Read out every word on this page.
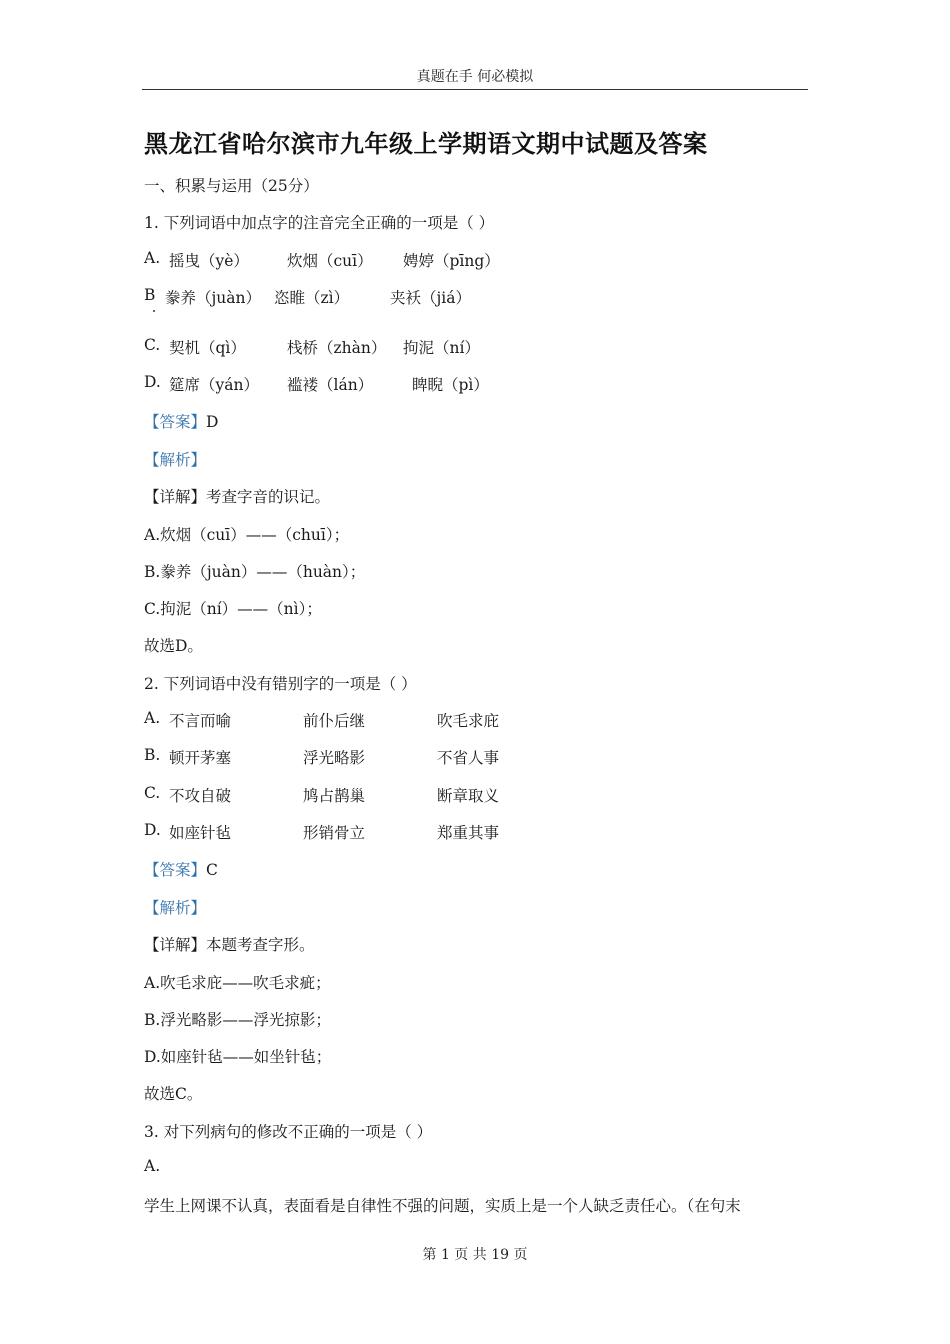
真题在手 何必模拟
黑龙江省哈尔滨市九年级上学期语文期中试题及答案
一、积累与运用（25分）
1. 下列词语中加点字的注音完全正确的一项是（ ）
A. 摇曳（yè） 炊烟（cuī） 娉婷（pīng）
B 豢养（juàn） 恣睢（zì）	夹袄（jiá）
C. 契机（qì）	栈桥（zhàn） 拘泥（ní）
D. 筵席（yán） 褴褛（lán）	睥睨（pì）
【答案】D
【解析】
【详解】考查字音的识记。
A.炊烟（cuī）——（chuī）；
B.豢养（juàn）——（huàn）；
C.拘泥（ní）——（nì）；
故选D。
2. 下列词语中没有错别字的一项是（ ）
A. 不言而喻	前仆后继	吹毛求庇
B. 顿开茅塞	浮光略影	不省人事
C. 不攻自破	鸠占鹊巢	断章取义
D. 如座针毡	形销骨立	郑重其事
【答案】C
【解析】
【详解】本题考查字形。
A.吹毛求庇——吹毛求疵；
B.浮光略影——浮光掠影；
D.如座针毡——如坐针毡；
故选C。
3. 对下列病句的修改不正确的一项是（ ）
A.
学生上网课不认真，表面看是自律性不强的问题，实质上是一个人缺乏责任心。（在句末
第 1 页 共 19 页
